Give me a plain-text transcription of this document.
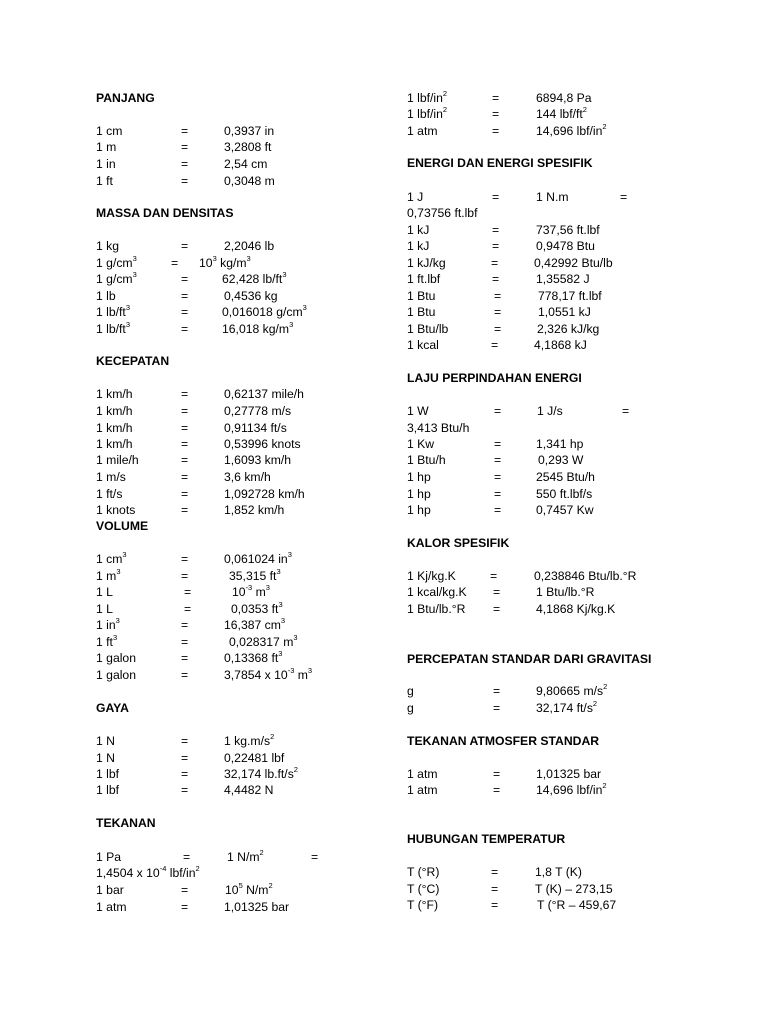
PANJANG
1 cm	=	0,3937 in
1 m	=	3,2808 ft
1 in	=	2,54 cm
1 ft	=	0,3048 m
MASSA DAN DENSITAS
1 kg	=	2,2046 lb
1 $g/cm^3$	= $10^3$ $kg/m^3$
1 $g/cm^3$	=	62,428 $lb/ft^3$
1 lb	=	0,4536 kg
1 $lb/ft^3$	=	0,016018 $g/cm^3$
1 $lb/ft^3$	=	16,018 $kg/m^3$
KECEPATAN
1 km/h	=	0,62137 mile/h
1 km/h	=	0,27778 m/s
1 km/h	=	0,91134 ft/s
1 km/h	=	0,53996 knots
1 mile/h	=	1,6093 km/h
1 m/s	=	3,6 km/h
1 ft/s	=	1,092728 km/h
1 knots	=	1,852 km/h
VOLUME
1 $cm^3$	=	0,061024 $in^3$
1 $m^3$	=	35,315 $ft^3$
1 L	=	$10^{-3}$ $m^3$
1 L	=	0,0353 $ft^3$
1 $in^3$	=	16,387 $cm^3$
1 $ft^3$	=	0,028317 $m^3$
1 galon	=	0,13368 $ft^3$
1 galon	=	3,7854 x $10^{-3}$ $m^3$
GAYA
1 N	=	1 $kg.m/s^2$
1 N	=	0,22481 lbf
1 lbf	=	32,174 $lb.ft/s^2$
1 lbf	=	4,4482 N
TEKANAN
1 Pa	=	1 $N/m^2$	=
1,4504 x $10^{-4}$ lbf/$in^2$
1 bar	=	$10^5$ $N/m^2$
1 atm	=	1,01325 bar
1 lbf/$in^2$	=	6894,8 Pa
1 lbf/$in^2$	=	144 lbf/$ft^2$
1 atm	=	14,696 lbf/$in^2$
ENERGI DAN ENERGI SPESIFIK
1 J	=	1 N.m	=
0,73756 ft.lbf
1 kJ	=	737,56 ft.lbf
1 kJ	=	0,9478 Btu
1 kJ/kg	=	0,42992 Btu/lb
1 ft.lbf	=	1,35582 J
1 Btu	=	778,17 ft.lbf
1 Btu	=	1,0551 kJ
1 Btu/lb	=	2,326 kJ/kg
1 kcal	=	4,1868 kJ
LAJU PERPINDAHAN ENERGI
1 W	=	1 J/s	=
3,413 Btu/h
1 Kw	=	1,341 hp
1 Btu/h	=	0,293 W
1 hp	=	2545 Btu/h
1 hp	=	550 ft.lbf/s
1 hp	=	0,7457 Kw
KALOR SPESIFIK
1 Kj/kg.K	=	0,238846 Btu/lb.°R
1 kcal/kg.K =	1 Btu/lb.°R
1 Btu/lb.°R =	4,1868 Kj/kg.K
PERCEPATAN STANDAR DARI GRAVITASI
g	=	9,80665 $m/s^2$
g	=	32,174 $ft/s^2$
TEKANAN ATMOSFER STANDAR
1 atm	=	1,01325 bar
1 atm	=	14,696 lbf/$in^2$
HUBUNGAN TEMPERATUR
T (°R)	=	1,8 T (K)
T (°C)	=	T (K) – 273,15
T (°F)	=	T (°R – 459,67
